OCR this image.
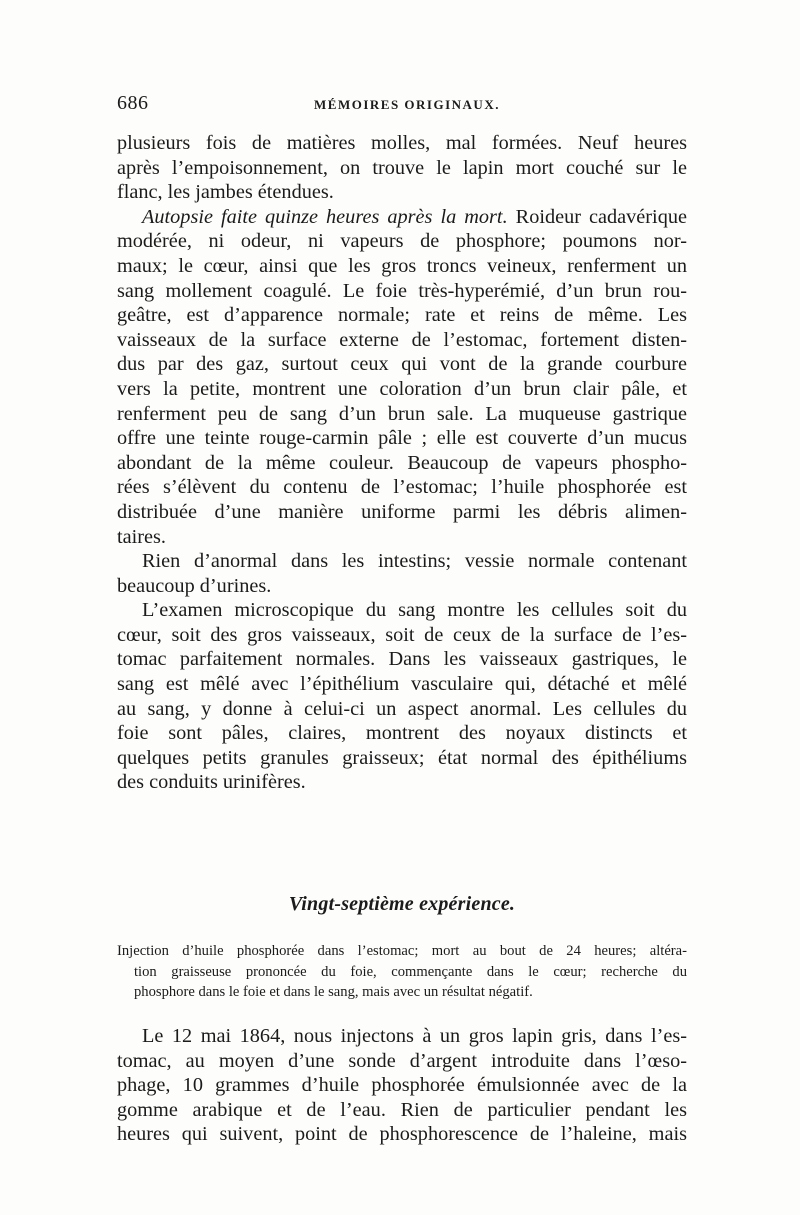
686	MÉMOIRES ORIGINAUX.
plusieurs fois de matières molles, mal formées. Neuf heures
après l’empoisonnement, on trouve le lapin mort couché sur le
flanc, les jambes étendues.
Autopsie faite quinze heures après la mort. Roideur cadavérique
modérée, ni odeur, ni vapeurs de phosphore; poumons nor-
maux; le cœur, ainsi que les gros troncs veineux, renferment un
sang mollement coagulé. Le foie très-hyperémié, d’un brun rou-
geâtre, est d’apparence normale; rate et reins de même. Les
vaisseaux de la surface externe de l’estomac, fortement disten-
dus par des gaz, surtout ceux qui vont de la grande courbure
vers la petite, montrent une coloration d’un brun clair pâle, et
renferment peu de sang d’un brun sale. La muqueuse gastrique
offre une teinte rouge-carmin pâle ; elle est couverte d’un mucus
abondant de la même couleur. Beaucoup de vapeurs phospho-
rées s’élèvent du contenu de l’estomac; l’huile phosphorée est
distribuée d’une manière uniforme parmi les débris alimen-
taires.
Rien d’anormal dans les intestins; vessie normale contenant
beaucoup d’urines.
L’examen microscopique du sang montre les cellules soit du
cœur, soit des gros vaisseaux, soit de ceux de la surface de l’es-
tomac parfaitement normales. Dans les vaisseaux gastriques, le
sang est mêlé avec l’épithélium vasculaire qui, détaché et mêlé
au sang, y donne à celui-ci un aspect anormal. Les cellules du
foie sont pâles, claires, montrent des noyaux distincts et
quelques petits granules graisseux; état normal des épithéliums
des conduits urinifères.
Vingt-septième expérience.
Injection d’huile phosphorée dans l’estomac; mort au bout de 24 heures; altéra-
tion graisseuse prononcée du foie, commençante dans le cœur; recherche du
phosphore dans le foie et dans le sang, mais avec un résultat négatif.
Le 12 mai 1864, nous injectons à un gros lapin gris, dans l’es-
tomac, au moyen d’une sonde d’argent introduite dans l’œso-
phage, 10 grammes d’huile phosphorée émulsionnée avec de la
gomme arabique et de l’eau. Rien de particulier pendant les
heures qui suivent, point de phosphorescence de l’haleine, mais
